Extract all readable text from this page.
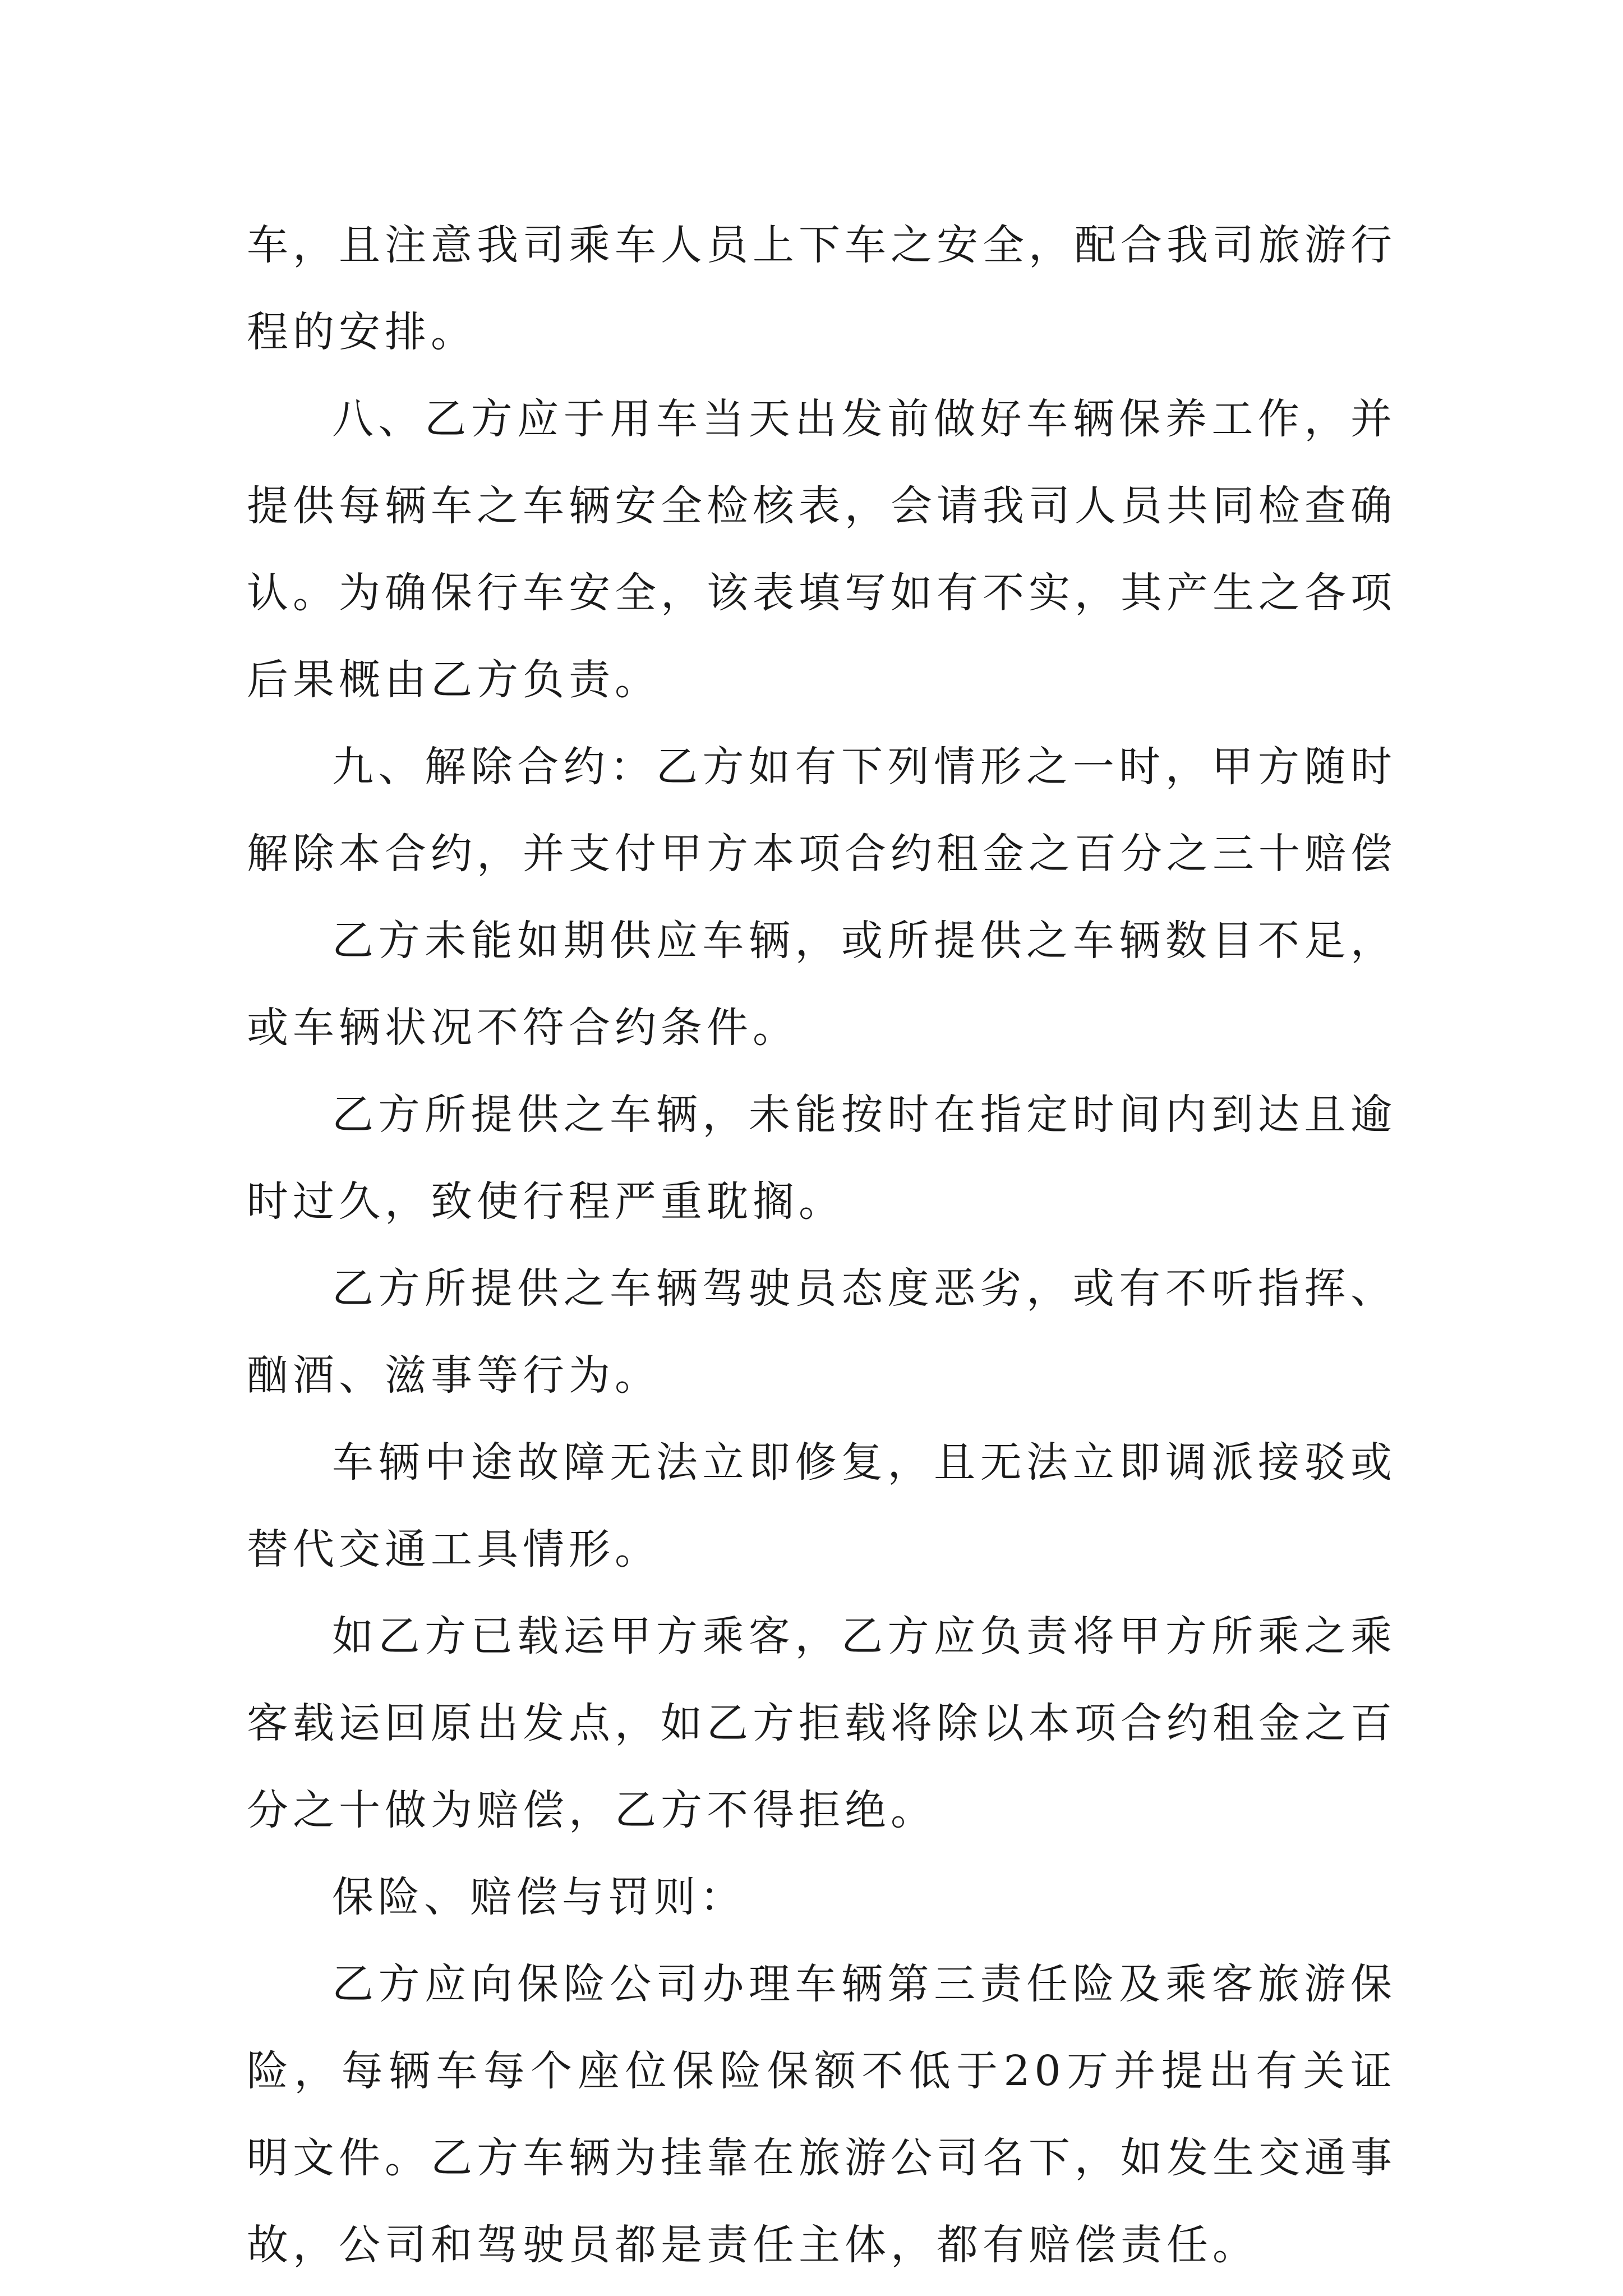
车，且注意我司乘车人员上下车之安全，配合我司旅游行程的安排。

八、乙方应于用车当天出发前做好车辆保养工作，并提供每辆车之车辆安全检核表，会请我司人员共同检查确认。为确保行车安全，该表填写如有不实，其产生之各项后果概由乙方负责。

九、解除合约：乙方如有下列情形之一时，甲方随时解除本合约，并支付甲方本项合约租金之百分之三十赔偿

乙方未能如期供应车辆，或所提供之车辆数目不足，或车辆状况不符合约条件。

乙方所提供之车辆，未能按时在指定时间内到达且逾时过久，致使行程严重耽搁。

乙方所提供之车辆驾驶员态度恶劣，或有不听指挥、酗酒、滋事等行为。

车辆中途故障无法立即修复，且无法立即调派接驳或替代交通工具情形。

如乙方已载运甲方乘客，乙方应负责将甲方所乘之乘客载运回原出发点，如乙方拒载将除以本项合约租金之百分之十做为赔偿，乙方不得拒绝。

保险、赔偿与罚则：

乙方应向保险公司办理车辆第三责任险及乘客旅游保险，每辆车每个座位保险保额不低于20万并提出有关证明文件。乙方车辆为挂靠在旅游公司名下，如发生交通事故，公司和驾驶员都是责任主体，都有赔偿责任。
